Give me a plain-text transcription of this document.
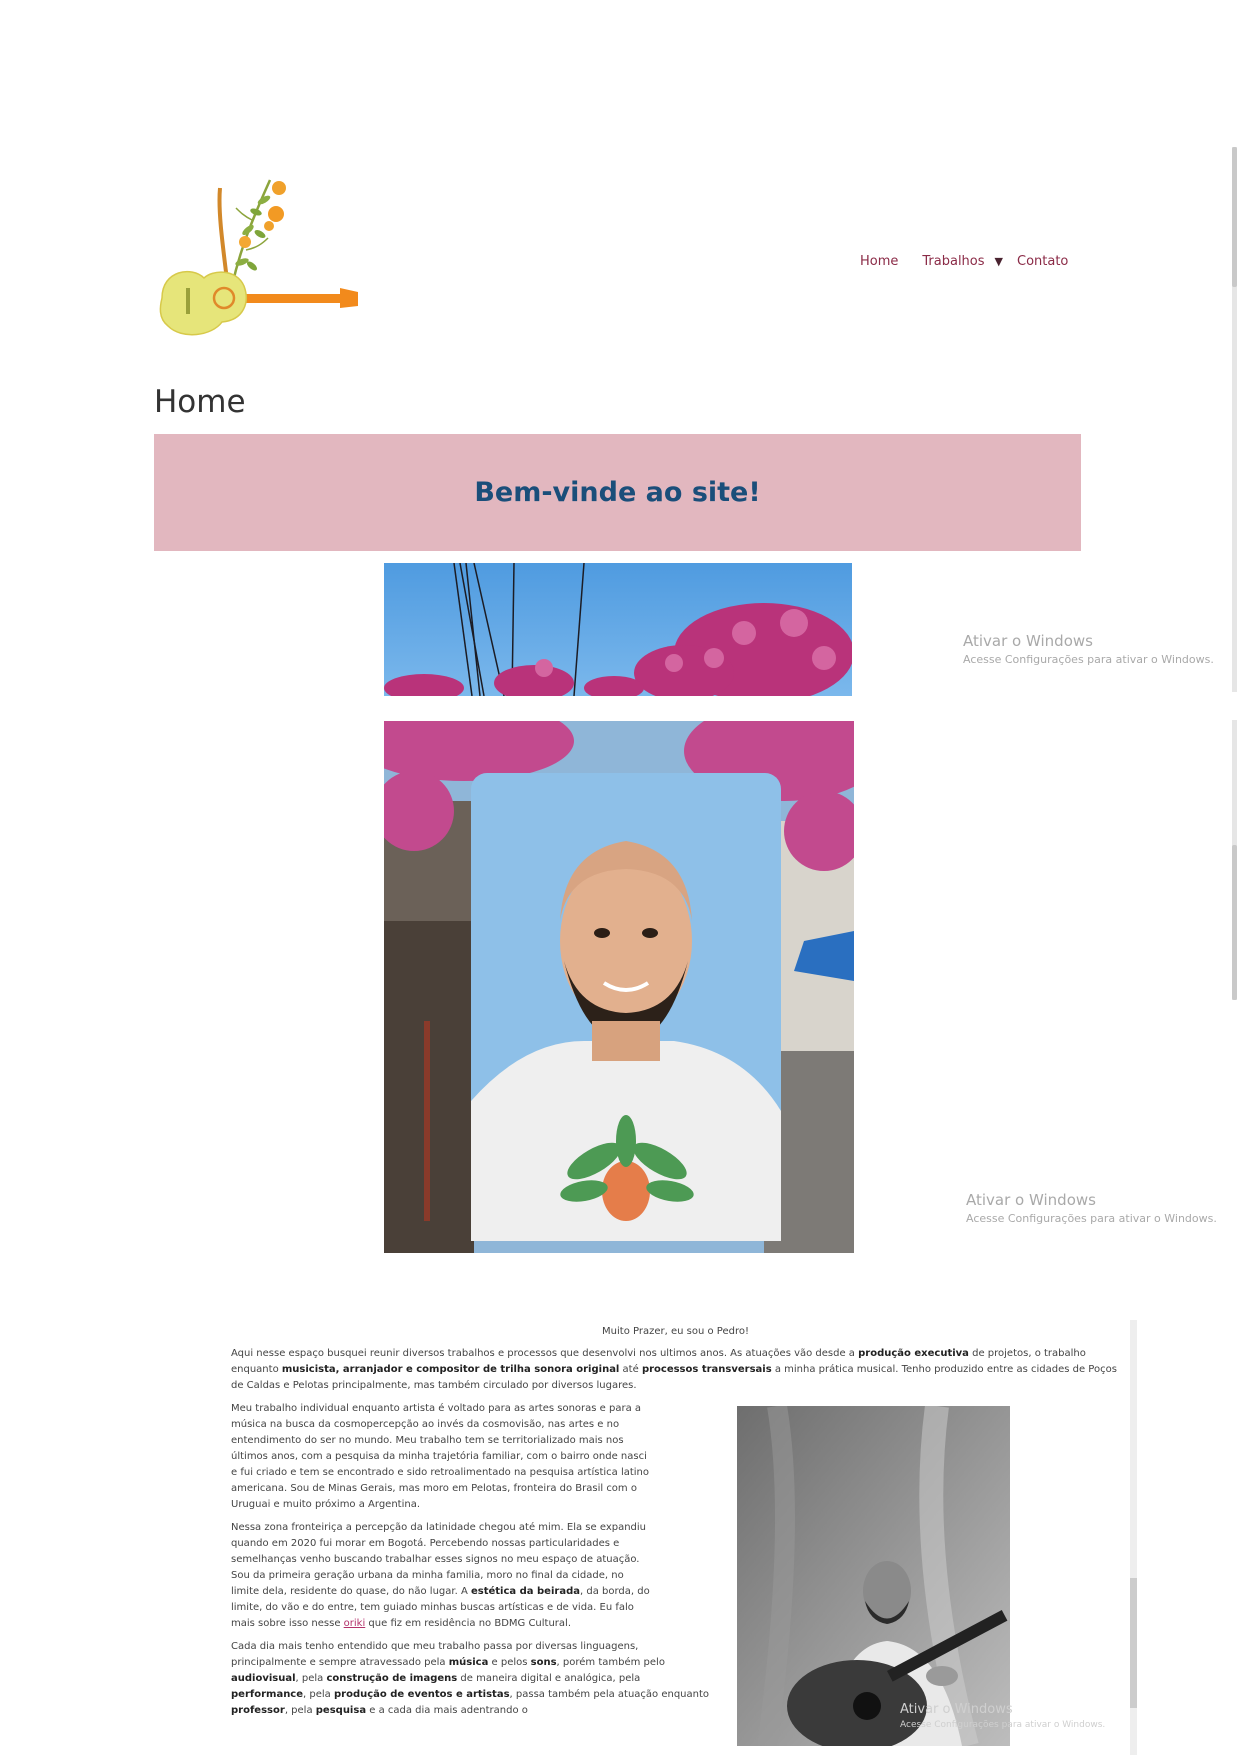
Home Trabalhos ▼ Contato
Home
Bem-vinde ao site!
Ativar o Windows
Acesse Configurações para ativar o Windows.
Ativar o Windows
Acesse Configurações para ativar o Windows.
Muito Prazer, eu sou o Pedro!

Aqui nesse espaço busquei reunir diversos trabalhos e processos que desenvolvi nos ultimos anos. As atuações vão desde a produção executiva de projetos, o trabalho enquanto musicista, arranjador e compositor de trilha sonora original até processos transversais a minha prática musical. Tenho produzido entre as cidades de Poços de Caldas e Pelotas principalmente, mas também circulado por diversos lugares.

Meu trabalho individual enquanto artista é voltado para as artes sonoras e para a música na busca da cosmopercepção ao invés da cosmovisão, nas artes e no entendimento do ser no mundo. Meu trabalho tem se territorializado mais nos últimos anos, com a pesquisa da minha trajetória familiar, com o bairro onde nasci e fui criado e tem se encontrado e sido retroalimentado na pesquisa artística latino americana. Sou de Minas Gerais, mas moro em Pelotas, fronteira do Brasil com o Uruguai e muito próximo a Argentina.

Nessa zona fronteiriça a percepção da latinidade chegou até mim. Ela se expandiu quando em 2020 fui morar em Bogotá. Percebendo nossas particularidades e semelhanças venho buscando trabalhar esses signos no meu espaço de atuação. Sou da primeira geração urbana da minha familia, moro no final da cidade, no limite dela, residente do quase, do não lugar. A estética da beirada, da borda, do limite, do vão e do entre, tem guiado minhas buscas artísticas e de vida. Eu falo mais sobre isso nesse oriki que fiz em residência no BDMG Cultural.

Cada dia mais tenho entendido que meu trabalho passa por diversas linguagens, principalmente e sempre atravessado pela música e pelos sons, porém também pelo audiovisual, pela construção de imagens de maneira digital e analógica, pela performance, pela produção de eventos e artistas, passa também pela atuação enquanto professor, pela pesquisa e a cada dia mais adentrando o	Ativar o Windows
Acesse Configurações para ativar o Windows.
